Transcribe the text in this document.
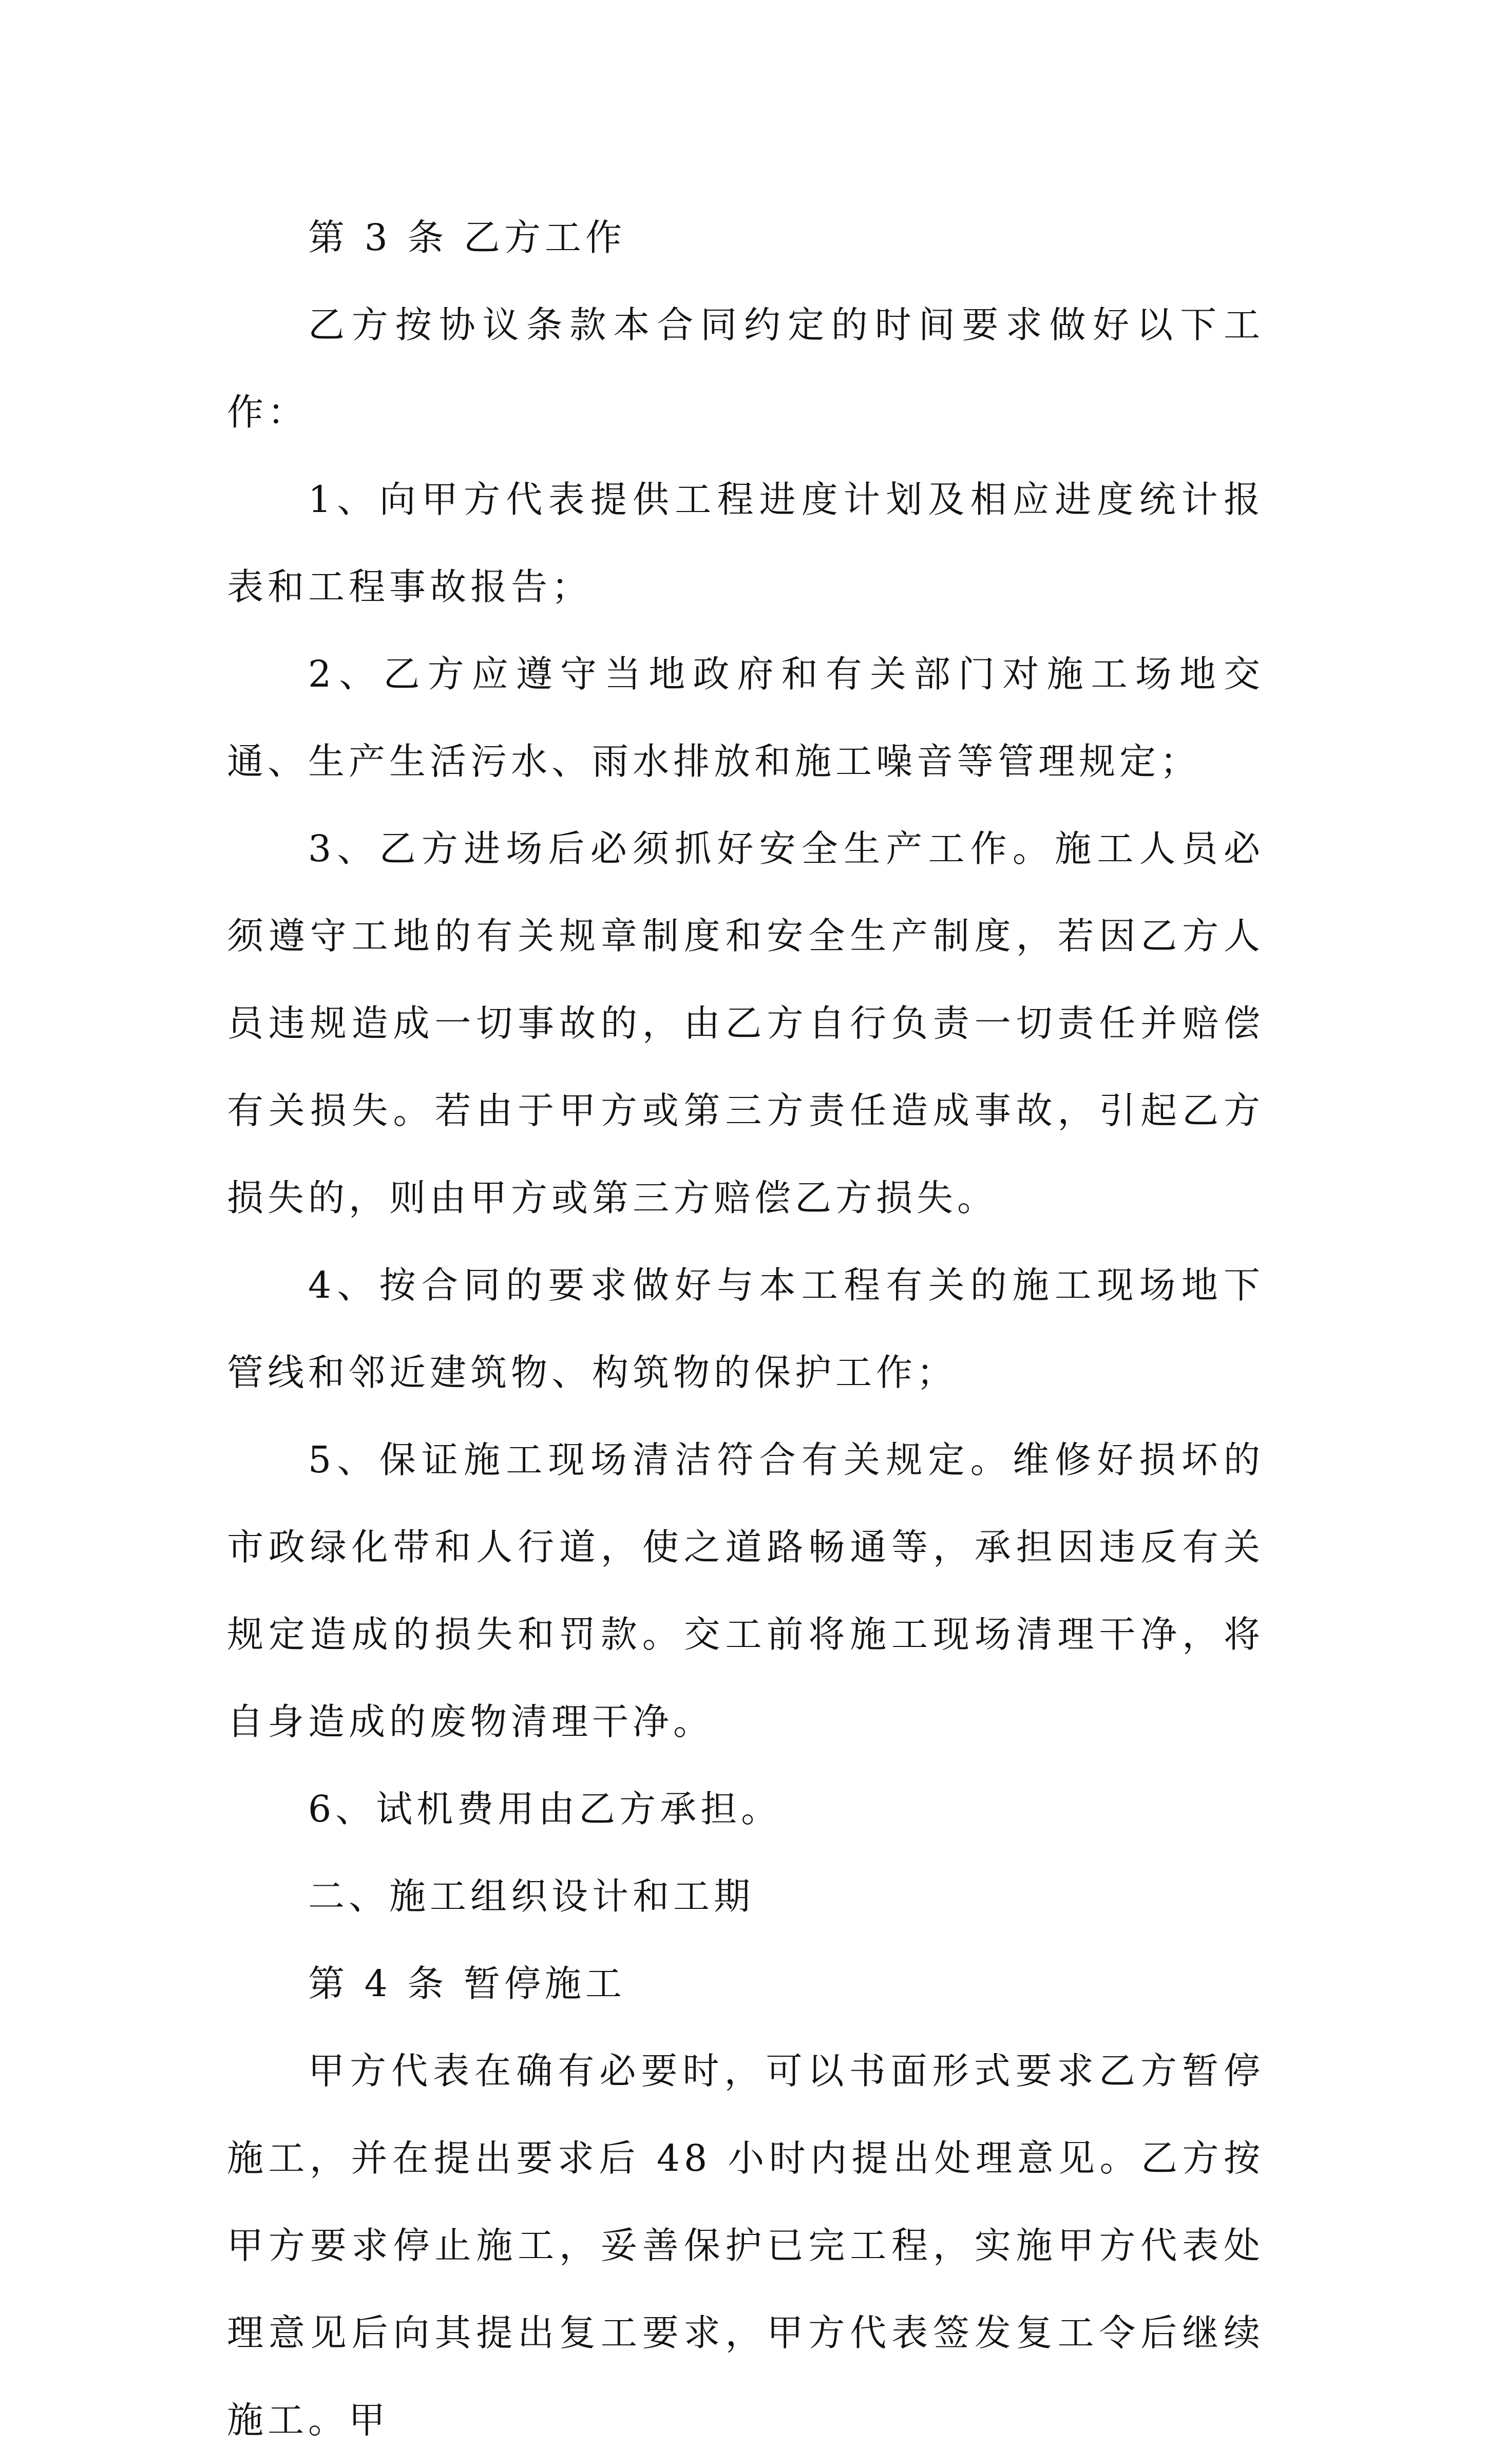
第 3 条 乙方工作

乙方按协议条款本合同约定的时间要求做好以下工作：

1、向甲方代表提供工程进度计划及相应进度统计报表和工程事故报告；

2、乙方应遵守当地政府和有关部门对施工场地交通、生产生活污水、雨水排放和施工噪音等管理规定；

3、乙方进场后必须抓好安全生产工作。施工人员必须遵守工地的有关规章制度和安全生产制度，若因乙方人员违规造成一切事故的，由乙方自行负责一切责任并赔偿有关损失。若由于甲方或第三方责任造成事故，引起乙方损失的，则由甲方或第三方赔偿乙方损失。

4、按合同的要求做好与本工程有关的施工现场地下管线和邻近建筑物、构筑物的保护工作；

5、保证施工现场清洁符合有关规定。维修好损坏的市政绿化带和人行道，使之道路畅通等，承担因违反有关规定造成的损失和罚款。交工前将施工现场清理干净，将自身造成的废物清理干净。

6、试机费用由乙方承担。

二、施工组织设计和工期

第 4 条 暂停施工

甲方代表在确有必要时，可以书面形式要求乙方暂停施工，并在提出要求后 48 小时内提出处理意见。乙方按甲方要求停止施工，妥善保护已完工程，实施甲方代表处理意见后向其提出复工要求，甲方代表签发复工令后继续施工。甲
